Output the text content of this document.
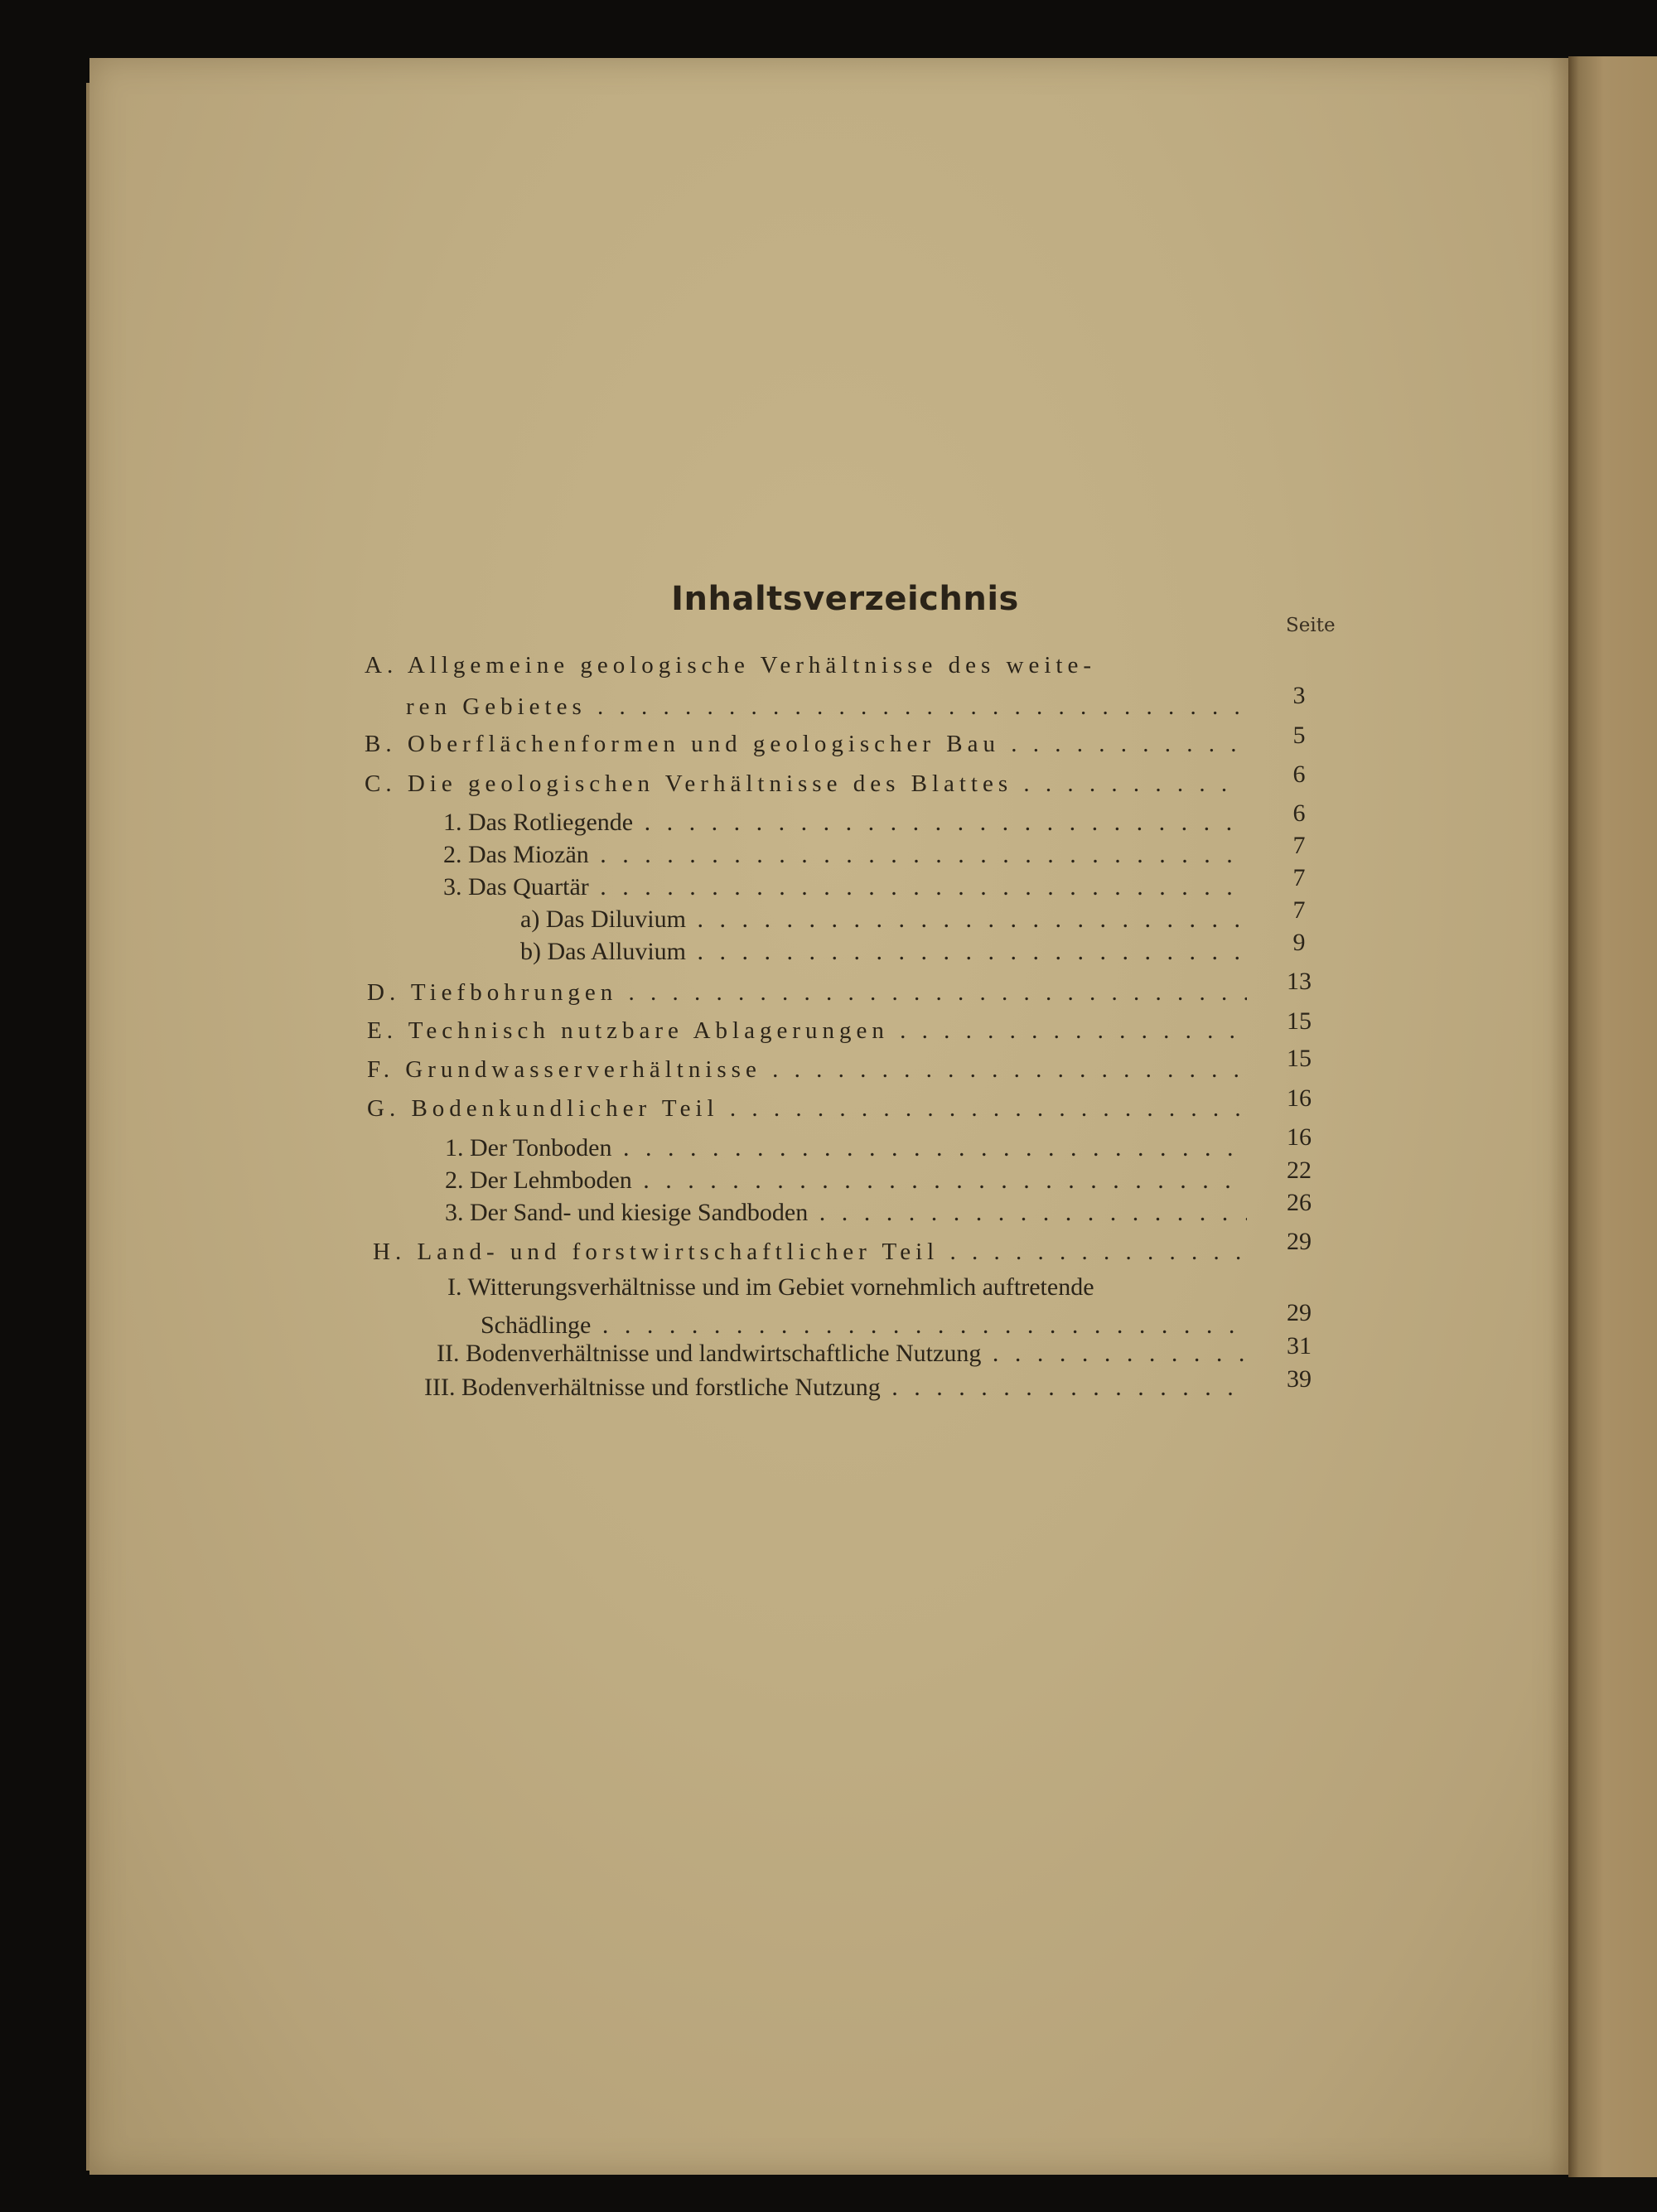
Inhaltsverzeichnis
Seite
A. Allgemeine geologische Verhältnisse des weite-
ren Gebietes . . .	3
B. Oberflächenformen und geologischer Bau . . .	5
C. Die geologischen Verhältnisse des Blattes . . .	6
1. Das Rotliegende . . .	6
2. Das Miozän . . .	7
3. Das Quartär . . .	7
a) Das Diluvium . . .	7
b) Das Alluvium . . .	9
D. Tiefbohrungen . . .	13
E. Technisch nutzbare Ablagerungen . . .	15
F. Grundwasserverhältnisse . . .	15
G. Bodenkundlicher Teil . . .	16
1. Der Tonboden . . .	16
2. Der Lehmboden . . .	22
3. Der Sand- und kiesige Sandboden . . .	26
H. Land- und forstwirtschaftlicher Teil . . .	29
I. Witterungsverhältnisse und im Gebiet vornehmlich auftretende
Schädlinge . . .	29
II. Bodenverhältnisse und landwirtschaftliche Nutzung . . .	31
III. Bodenverhältnisse und forstliche Nutzung . . .	39
